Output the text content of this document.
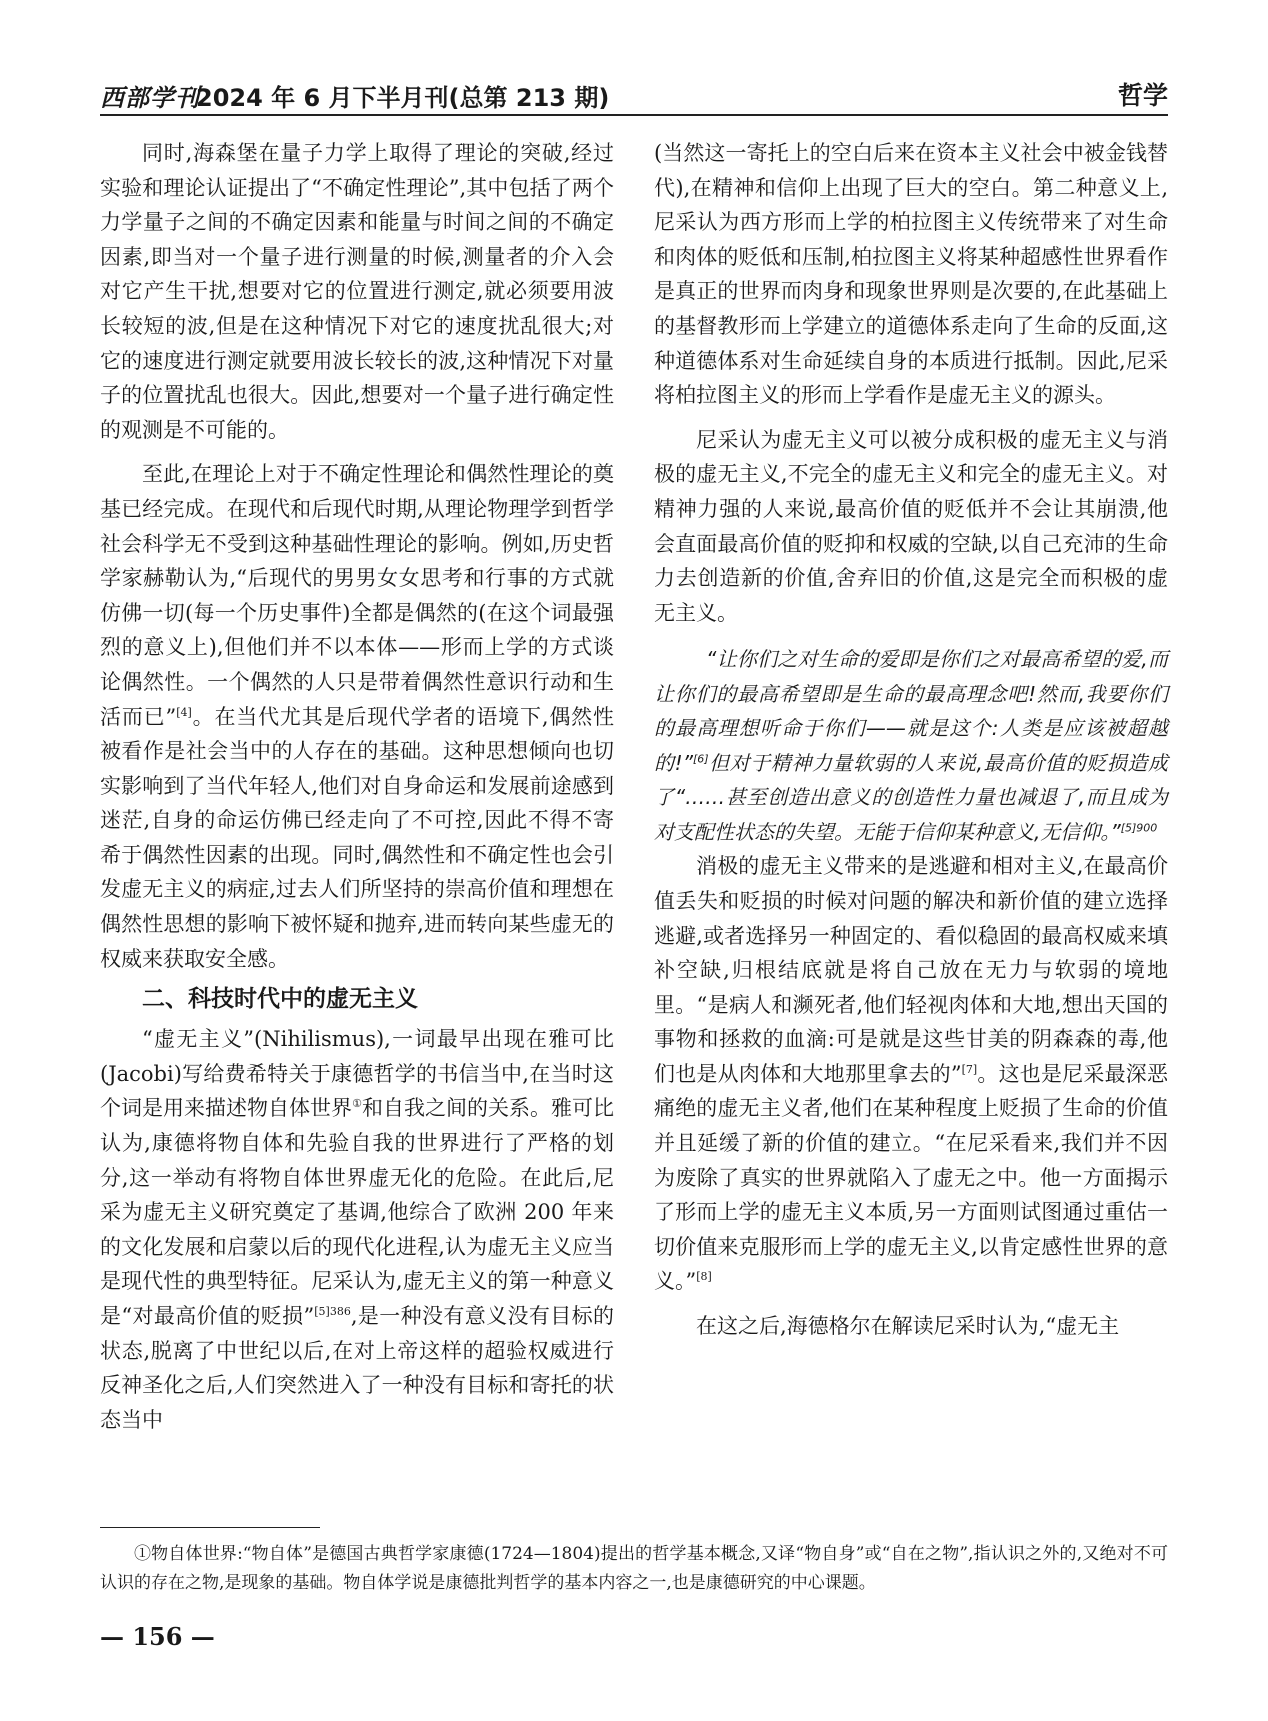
西部学刊
2024 年 6 月下半月刊(总第 213 期)	哲学

同时,海森堡在量子力学上取得了理论的突破,经过实验和理论认证提出了“不确定性理论”,其中包括了两个力学量子之间的不确定因素和能量与时间之间的不确定因素,即当对一个量子进行测量的时候,测量者的介入会对它产生干扰,想要对它的位置进行测定,就必须要用波长较短的波,但是在这种情况下对它的速度扰乱很大;对它的速度进行测定就要用波长较长的波,这种情况下对量子的位置扰乱也很大。因此,想要对一个量子进行确定性的观测是不可能的。

至此,在理论上对于不确定性理论和偶然性理论的奠基已经完成。在现代和后现代时期,从理论物理学到哲学社会科学无不受到这种基础性理论的影响。例如,历史哲学家赫勒认为,“后现代的男男女女思考和行事的方式就仿佛一切(每一个历史事件)全都是偶然的(在这个词最强烈的意义上),但他们并不以本体——形而上学的方式谈论偶然性。一个偶然的人只是带着偶然性意识行动和生活而已”[4]。在当代尤其是后现代学者的语境下,偶然性被看作是社会当中的人存在的基础。这种思想倾向也切实影响到了当代年轻人,他们对自身命运和发展前途感到迷茫,自身的命运仿佛已经走向了不可控,因此不得不寄希于偶然性因素的出现。同时,偶然性和不确定性也会引发虚无主义的病症,过去人们所坚持的崇高价值和理想在偶然性思想的影响下被怀疑和抛弃,进而转向某些虚无的权威来获取安全感。

二、科技时代中的虚无主义

“虚无主义”(Nihilismus),一词最早出现在雅可比(Jacobi)写给费希特关于康德哲学的书信当中,在当时这个词是用来描述物自体世界①和自我之间的关系。雅可比认为,康德将物自体和先验自我的世界进行了严格的划分,这一举动有将物自体世界虚无化的危险。在此后,尼采为虚无主义研究奠定了基调,他综合了欧洲 200 年来的文化发展和启蒙以后的现代化进程,认为虚无主义应当是现代性的典型特征。尼采认为,虚无主义的第一种意义是“对最高价值的贬损”$^{[5]386}$,是一种没有意义没有目标的状态,脱离了中世纪以后,在对上帝这样的超验权威进行反神圣化之后,人们突然进入了一种没有目标和寄托的状态当中

(当然这一寄托上的空白后来在资本主义社会中被金钱替代),在精神和信仰上出现了巨大的空白。第二种意义上,尼采认为西方形而上学的柏拉图主义传统带来了对生命和肉体的贬低和压制,柏拉图主义将某种超感性世界看作是真正的世界而肉身和现象世界则是次要的,在此基础上的基督教形而上学建立的道德体系走向了生命的反面,这种道德体系对生命延续自身的本质进行抵制。因此,尼采将柏拉图主义的形而上学看作是虚无主义的源头。

尼采认为虚无主义可以被分成积极的虚无主义与消极的虚无主义,不完全的虚无主义和完全的虚无主义。对精神力强的人来说,最高价值的贬低并不会让其崩溃,他会直面最高价值的贬抑和权威的空缺,以自己充沛的生命力去创造新的价值,舍弃旧的价值,这是完全而积极的虚无主义。

“让你们之对生命的爱即是你们之对最高希望的爱,而让你们的最高希望即是生命的最高理念吧!然而,我要你们的最高理想听命于你们——就是这个:人类是应该被超越的!”[6]但对于精神力量软弱的人来说,最高价值的贬损造成了“……甚至创造出意义的创造性力量也减退了,而且成为对支配性状态的失望。无能于信仰某种意义,无信仰。”$^{[5]900}$

消极的虚无主义带来的是逃避和相对主义,在最高价值丢失和贬损的时候对问题的解决和新价值的建立选择逃避,或者选择另一种固定的、看似稳固的最高权威来填补空缺,归根结底就是将自己放在无力与软弱的境地里。“是病人和濒死者,他们轻视肉体和大地,想出天国的事物和拯救的血滴:可是就是这些甘美的阴森森的毒,他们也是从肉体和大地那里拿去的”[7]。这也是尼采最深恶痛绝的虚无主义者,他们在某种程度上贬损了生命的价值并且延缓了新的价值的建立。“在尼采看来,我们并不因为废除了真实的世界就陷入了虚无之中。他一方面揭示了形而上学的虚无主义本质,另一方面则试图通过重估一切价值来克服形而上学的虚无主义,以肯定感性世界的意义。”[8]

在这之后,海德格尔在解读尼采时认为,“虚无主

①物自体世界:“物自体”是德国古典哲学家康德(1724—1804)提出的哲学基本概念,又译“物自身”或“自在之物”,指认识之外的,又绝对不可认识的存在之物,是现象的基础。物自体学说是康德批判哲学的基本内容之一,也是康德研究的中心课题。

— 156 —
